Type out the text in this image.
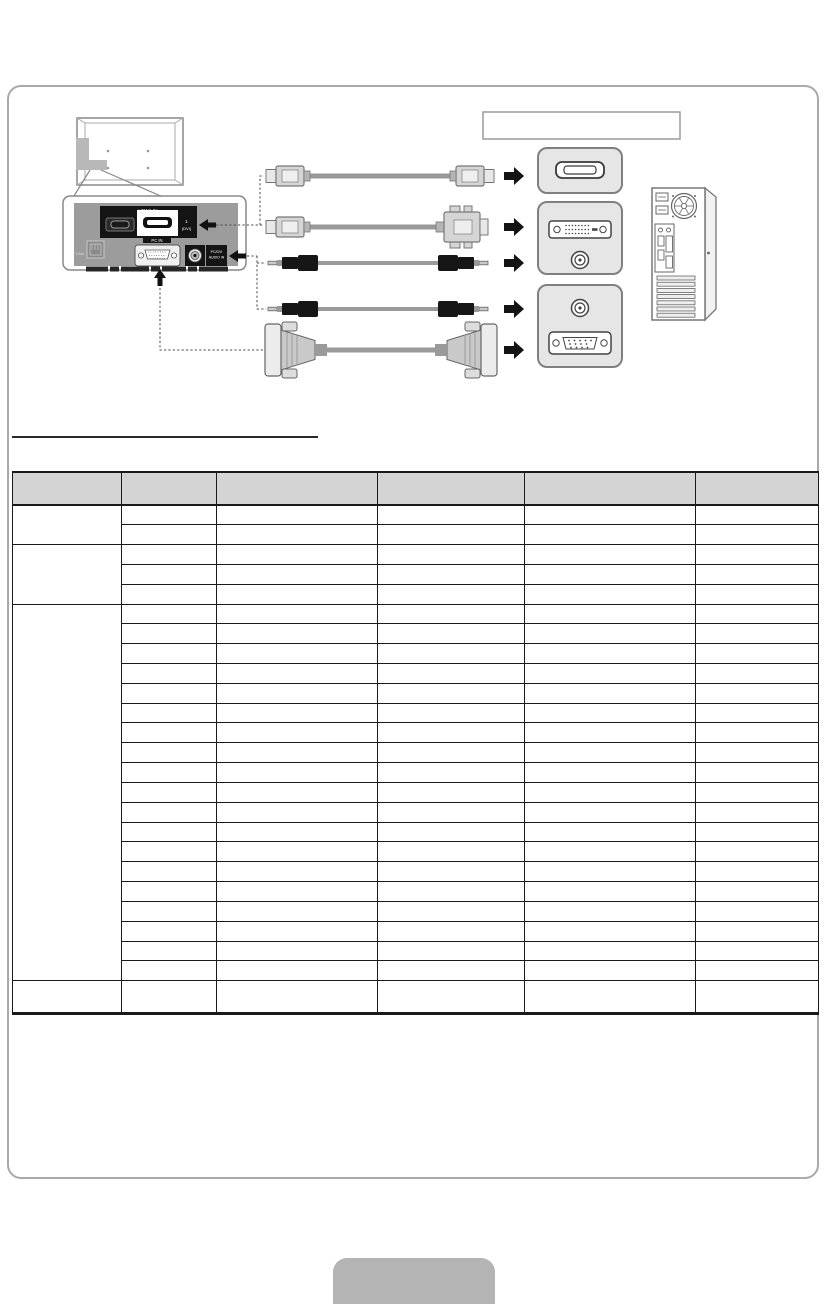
1
(DVI)
LAN
PC IN
PC/DVI
AUDIO IN
